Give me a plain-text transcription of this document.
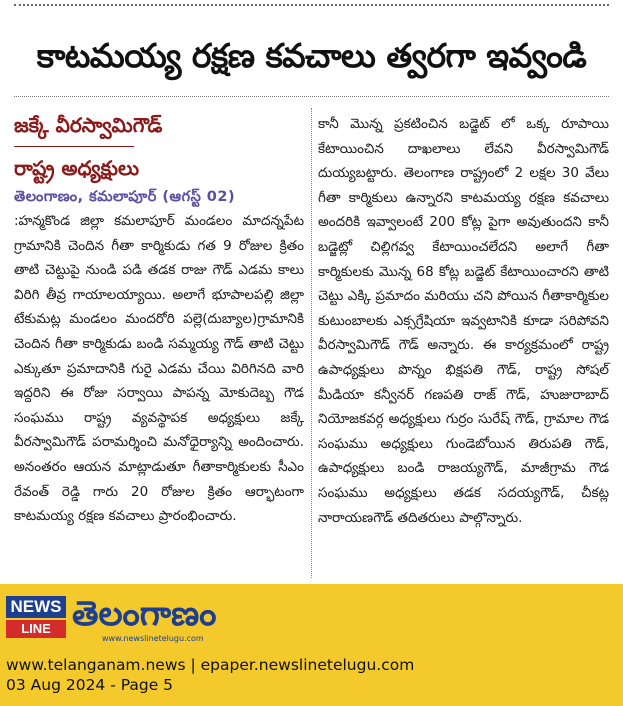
కాటమయ్య రక్షణ కవచాలు త్వరగా ఇవ్వండి
జక్కే వీరస్వామిగౌడ్
రాష్ట్ర అధ్యక్షులు
తెలంగాణం, కమలాపూర్ (ఆగస్ట్ 02)

:హన్మకొండ జిల్లా కమలాపూర్ మండలం మాదన్నపేట గ్రామానికి చెందిన గీతా కార్మికుడు గత 9 రోజుల క్రితం తాటి చెట్టుపై నుండి పడి తడక రాజు గౌడ్ ఎడమ కాలు విరిగి తీవ్ర గాయాలయ్యాయి. అలాగే భూపాలపల్లి జిల్లా టేకుమట్ల మండలం మందరోరి పల్లె(దుబ్యాల)గ్రామానికి చెందిన గీతా కార్మికుడు బండి సమ్మయ్య గౌడ్ తాటి చెట్టు ఎక్కుతూ ప్రమాదానికి గురై ఎడమ చేయి విరిగినది వారి ఇద్దరిని ఈ రోజు సర్వాయి పాపన్న మోకుదెబ్బ గౌడ సంఘము రాష్ట్ర వ్యవస్థాపక అధ్యక్షులు జక్కే వీరస్వామిగౌడ్ పరామర్శించి మనోధైర్యాన్ని అందించారు. అనంతరం ఆయన మాట్లాడుతూ గీతాకార్మికులకు సీఎం రేవంత్ రెడ్డి గారు 20 రోజుల క్రితం ఆర్భాటంగా కాటమయ్య రక్షణ కవచాలు ప్రారంభించారు.

కానీ మొన్న ప్రకటించిన బడ్జెట్ లో ఒక్క రూపాయి కేటాయించిన దాఖలాలు లేవని వీరస్వామిగౌడ్ దుయ్యబట్టారు. తెలంగాణ రాష్ట్రంలో 2 లక్షల 30 వేలు గీతా కార్మికులు ఉన్నారని కాటమయ్య రక్షణ కవచాలు అందరికి ఇవ్వాలంటే 200 కోట్ల పైగా అవుతుందని కానీ బడ్జెట్లో చిల్లిగవ్వ కేటాయించలేదని అలాగే గీతా కార్మికులకు మొన్న 68 కోట్ల బడ్జెట్ కేటాయించారని తాటి చెట్టు ఎక్కి ప్రమాదం మరియు చని పోయిన గీతాకార్మికుల కుటుంబాలకు ఎక్సగ్రేషియా ఇవ్వటానికి కూడా సరిపోవని వీరస్వామిగౌడ్ గౌడ్ అన్నారు. ఈ కార్యక్రమంలో రాష్ట్ర ఉపాధ్యక్షులు పొన్నం భిక్షపతి గౌడ్, రాష్ట్ర సోషల్ మీడియా కన్వీనర్ గణపతి రాజ్ గౌడ్, హుజురాబాద్ నియోజకవర్గ అధ్యక్షులు గుర్రం సురేష్ గౌడ్, గ్రామాల గౌడ సంఘము అధ్యక్షులు గుండెబోయిన తిరుపతి గౌడ్, ఉపాధ్యక్షులు బండి రాజయ్యగౌడ్, మాజీగ్రామ గౌడ సంఘము అధ్యక్షులు తడక సదయ్యగౌడ్, చీకట్ల నారాయణగౌడ్ తదితరులు పాల్గొన్నారు.

NEWS
LINE తెలంగాణం
www.newslinetelugu.com
www.telanganam.news | epaper.newslinetelugu.com
03 Aug 2024 - Page 5
